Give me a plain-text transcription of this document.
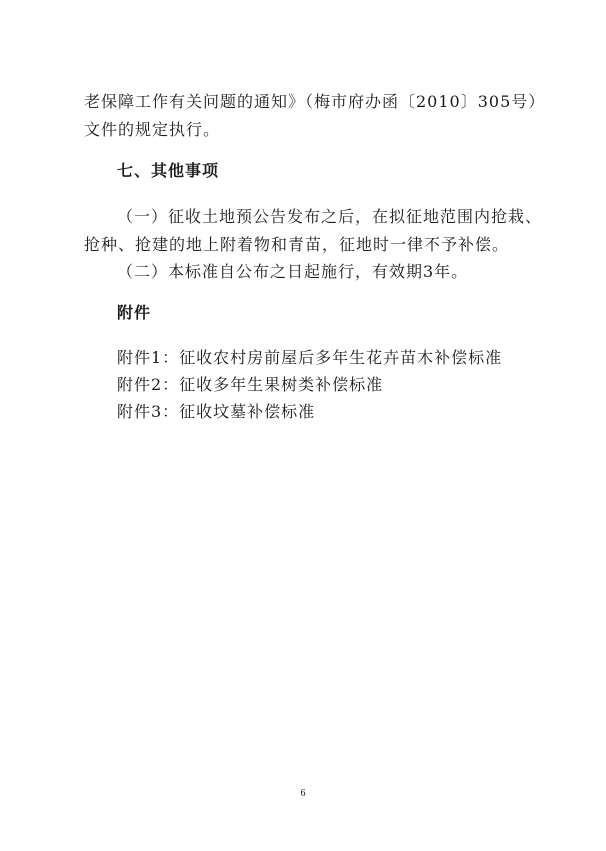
老保障工作有关问题的通知》（梅市府办函〔2010〕305号）
文件的规定执行。
七、其他事项
（一）征收土地预公告发布之后，在拟征地范围内抢栽、
抢种、抢建的地上附着物和青苗，征地时一律不予补偿。
（二）本标准自公布之日起施行，有效期3年。
附件
附件1：征收农村房前屋后多年生花卉苗木补偿标准
附件2：征收多年生果树类补偿标准
附件3：征收坟墓补偿标准
6
